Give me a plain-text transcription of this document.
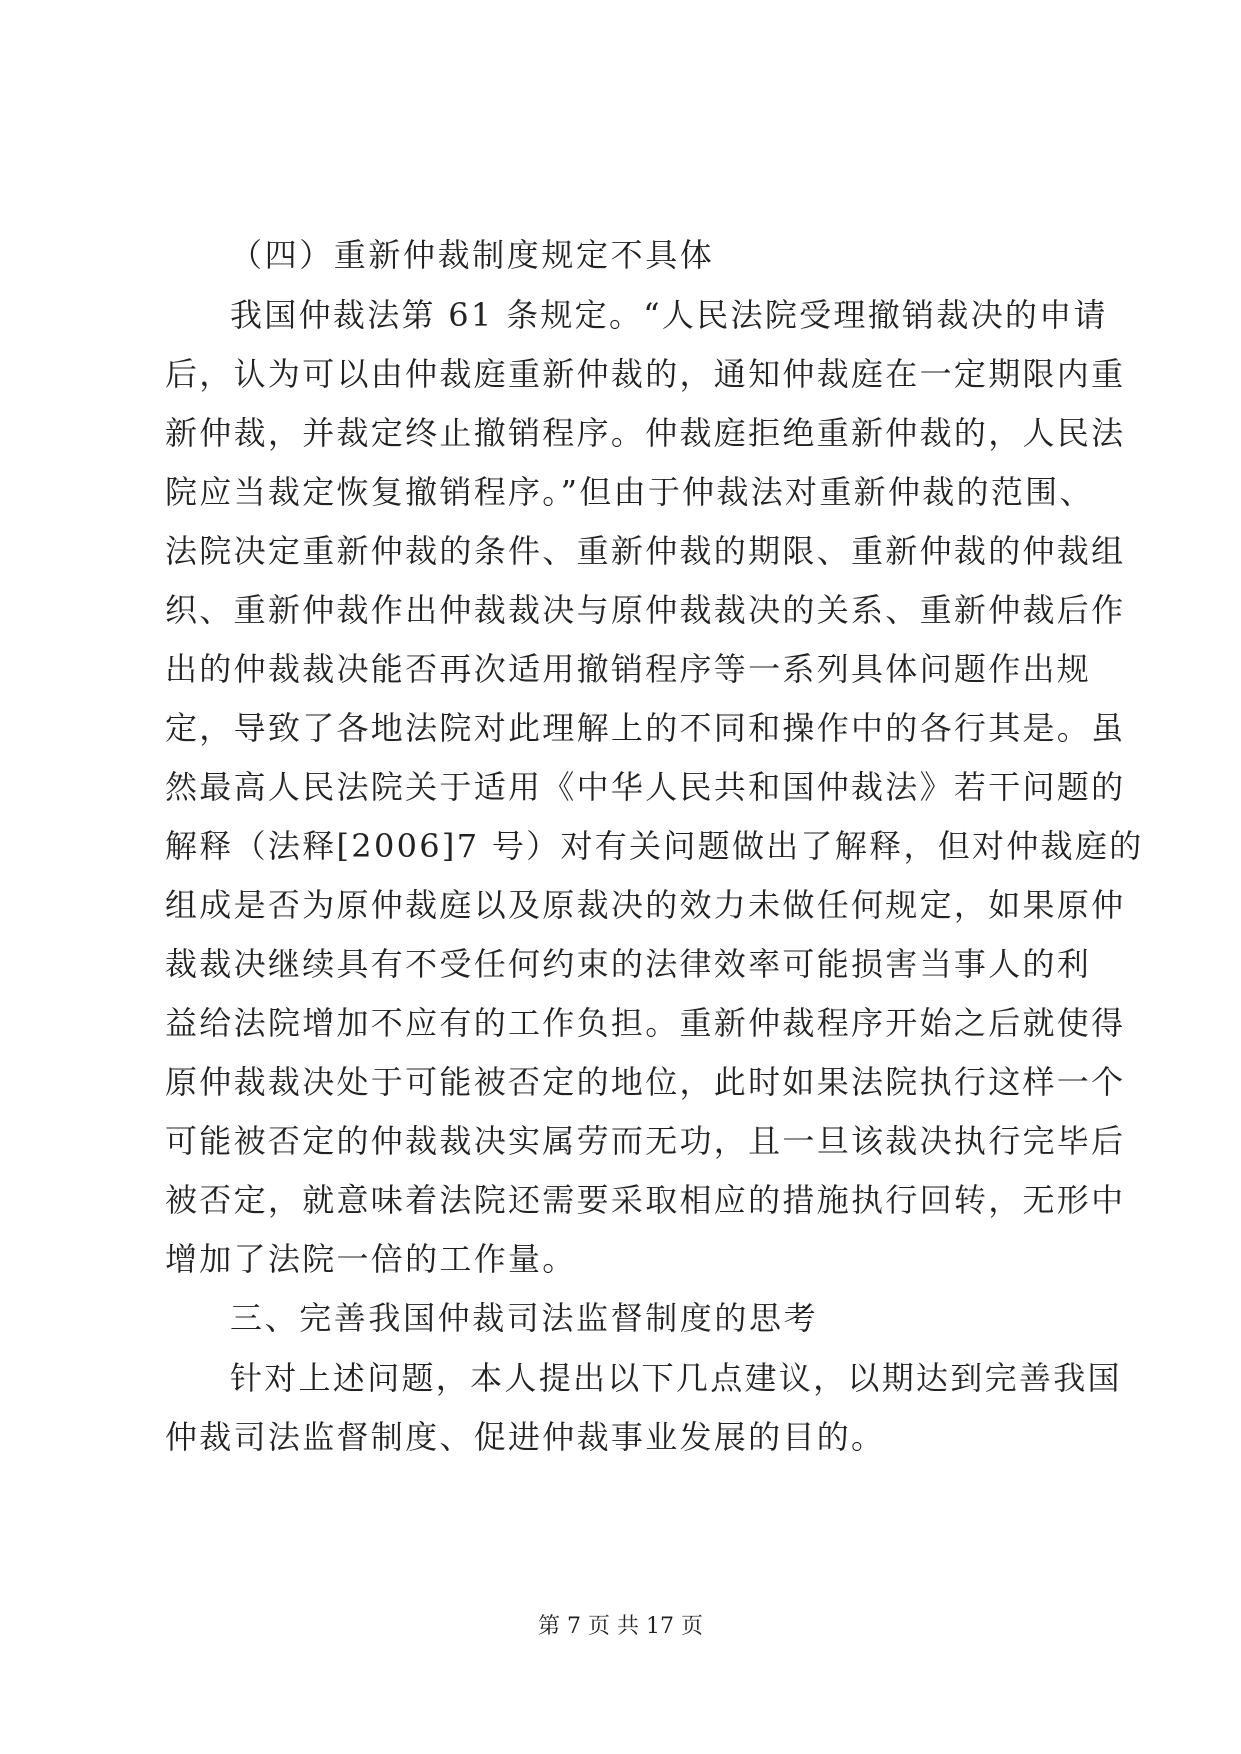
（四）重新仲裁制度规定不具体
我国仲裁法第 61 条规定。“人民法院受理撤销裁决的申请
后，认为可以由仲裁庭重新仲裁的，通知仲裁庭在一定期限内重
新仲裁，并裁定终止撤销程序。仲裁庭拒绝重新仲裁的，人民法
院应当裁定恢复撤销程序。”但由于仲裁法对重新仲裁的范围、
法院决定重新仲裁的条件、重新仲裁的期限、重新仲裁的仲裁组
织、重新仲裁作出仲裁裁决与原仲裁裁决的关系、重新仲裁后作
出的仲裁裁决能否再次适用撤销程序等一系列具体问题作出规
定，导致了各地法院对此理解上的不同和操作中的各行其是。虽
然最高人民法院关于适用《中华人民共和国仲裁法》若干问题的
解释（法释[2006]7 号）对有关问题做出了解释，但对仲裁庭的
组成是否为原仲裁庭以及原裁决的效力未做任何规定，如果原仲
裁裁决继续具有不受任何约束的法律效率可能损害当事人的利
益给法院增加不应有的工作负担。重新仲裁程序开始之后就使得
原仲裁裁决处于可能被否定的地位，此时如果法院执行这样一个
可能被否定的仲裁裁决实属劳而无功，且一旦该裁决执行完毕后
被否定，就意味着法院还需要采取相应的措施执行回转，无形中
增加了法院一倍的工作量。
三、完善我国仲裁司法监督制度的思考
针对上述问题，本人提出以下几点建议，以期达到完善我国
仲裁司法监督制度、促进仲裁事业发展的目的。
第 7 页 共 17 页
